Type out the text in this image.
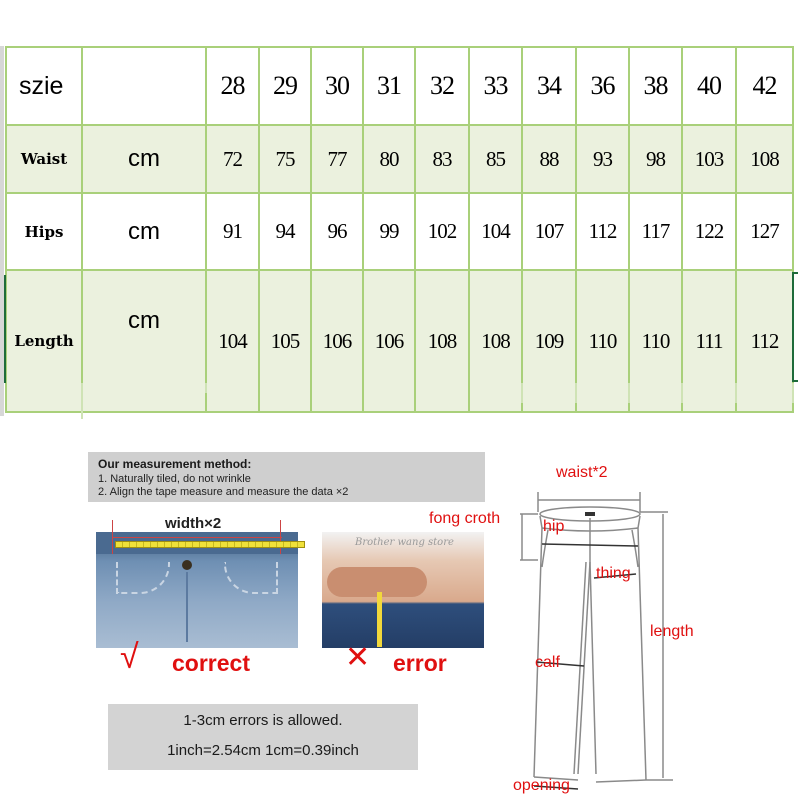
szie		28	29	30	31	32	33	34	36	38	40	42
Waist	cm	72	75	77	80	83	85	88	93	98	103	108
Hips	cm	91	94	96	99	102	104	107	112	117	122	127
Length	cm	104	105	106	106	108	108	109	110	110	111	112
Our measurement method:
1. Naturally tiled, do not wrinkle
2. Align the tape measure and measure the data ×2
width×2
Brother wang store
√ correct	✕ error
1-3cm errors is allowed.
1inch=2.54cm 1cm=0.39inch
waist*2
fong croth	hip
thing
length
calf
opening
